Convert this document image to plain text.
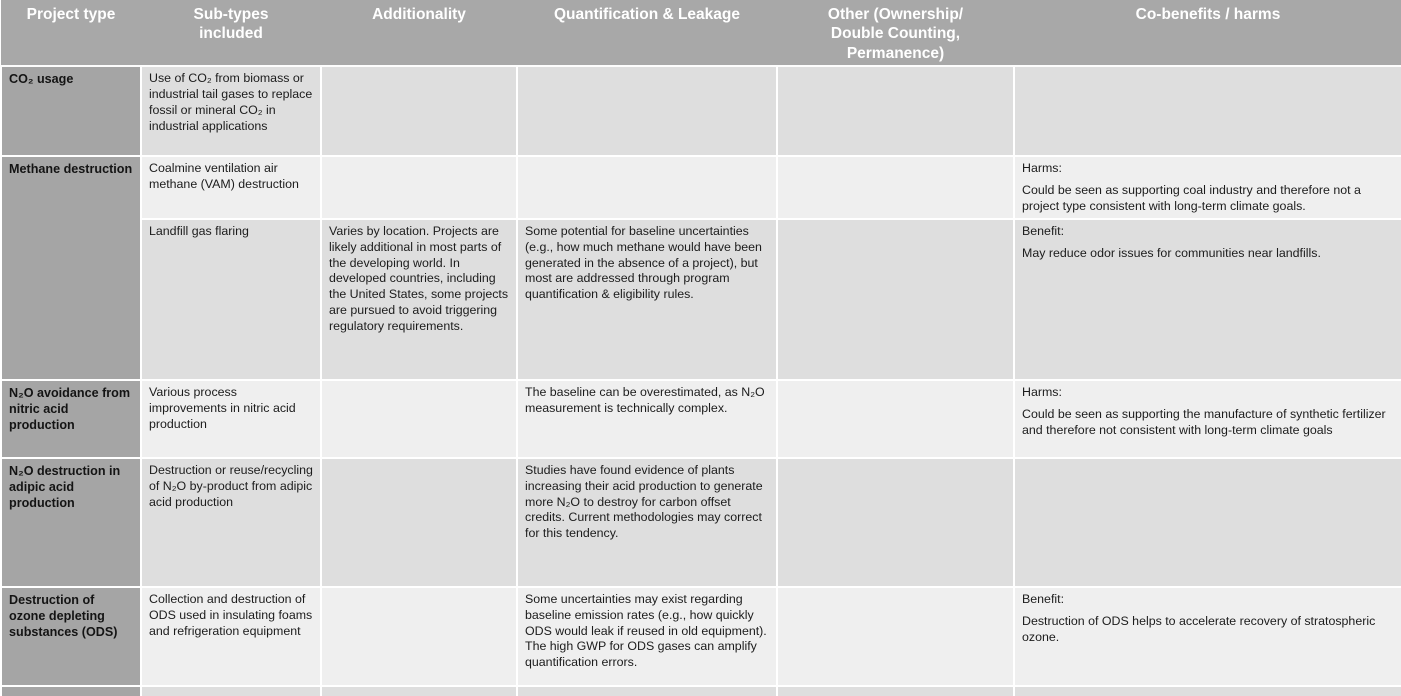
Project type	Sub-types included	Additionality	Quantification & Leakage	Other (Ownership/ Double Counting, Permanence)	Co-benefits / harms

CO₂ usage	Use of CO₂ from biomass or industrial tail gases to replace fossil or mineral CO₂ in industrial applications				
Methane destruction	Coalmine ventilation air methane (VAM) destruction				Harms:
Could be seen as supporting coal industry and therefore not a project type consistent with long-term climate goals.

	Landfill gas flaring	Varies by location. Projects are likely additional in most parts of the developing world. In developed countries, including the United States, some projects are pursued to avoid triggering regulatory requirements.	Some potential for baseline uncertainties (e.g., how much methane would have been generated in the absence of a project), but most are addressed through program quantification & eligibility rules.		Benefit:
May reduce odor issues for communities near landfills.

N₂O avoidance from nitric acid production	Various process improvements in nitric acid production		The baseline can be overestimated, as N₂O measurement is technically complex.		Harms:
Could be seen as supporting the manufacture of synthetic fertilizer and therefore not consistent with long-term climate goals

N₂O destruction in adipic acid production	Destruction or reuse/recycling of N₂O by-product from adipic acid production		Studies have found evidence of plants increasing their acid production to generate more N₂O to destroy for carbon offset credits. Current methodologies may correct for this tendency.		
Destruction of ozone depleting substances (ODS)	Collection and destruction of ODS used in insulating foams and refrigeration equipment		Some uncertainties may exist regarding baseline emission rates (e.g., how quickly ODS would leak if reused in old equipment). The high GWP for ODS gases can amplify quantification errors.		Benefit:
Destruction of ODS helps to accelerate recovery of stratospheric ozone.
